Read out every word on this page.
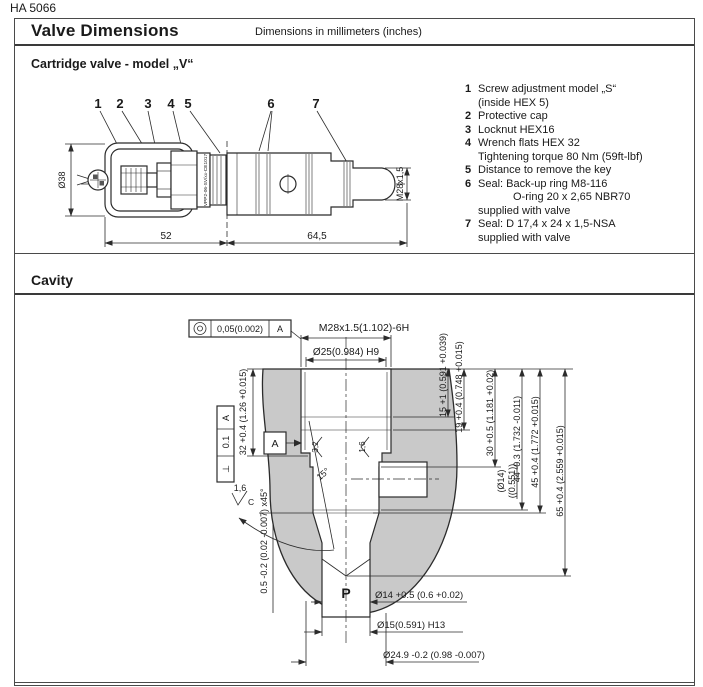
HA 5066
Valve Dimensions	Dimensions in millimeters (inches)
Cartridge valve - model „V“
1 2 3 4 5	6	7
VPP2-06-SV/xx-CE1017
Ø38	M28x1,5
52	64,5
1 Screw adjustment model „S“
(inside HEX 5)
2 Protective cap
3 Locknut HEX16
4 Wrench flats HEX 32
Tightening torque 80 Nm (59ft-lbf)
5 Distance to remove the key
6 Seal: Back-up ring M8-116
O-ring 20 x 2,65 NBR70
supplied with valve
7 Seal: D 17,4 x 24 x 1,5-NSA
supplied with valve
Cavity
0,05(0.002) A	M28x1.5(1.102)-6H
Ø25(0.984) H9	15 +1 (0.591 +0.039) 19 +0.4 (0.748 +0.015) 30 +0.5 (1.181 +0.02) 44 -0.3 (1.732 -0.011) 45 +0.4 (1.772 +0.015) 65 +0.4 (2.559 +0.015)
(Ø14) ((0.551))
32 +0.4 (1.26 +0.015)
A
0.1
⊥
A
1,6
C 0.5 -0.2 (0.02 -0.007) x45°
15°
3,2	1,6
P	Ø14 +0.5 (0.6 +0.02)
Ø15(0.591) H13
Ø24.9 -0.2 (0.98 -0.007)
